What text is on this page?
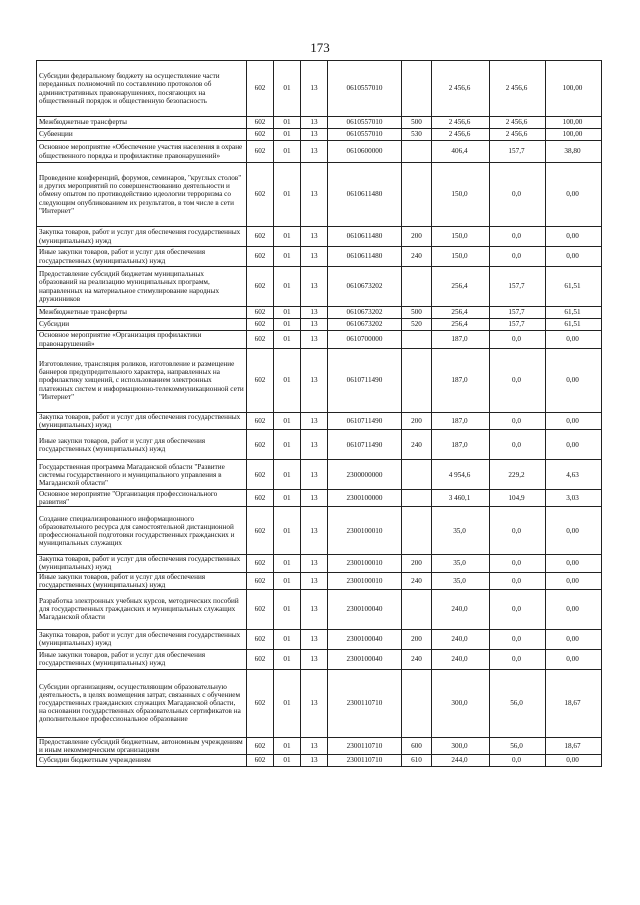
173
Субсидии федеральному бюджету на осуществление части переданных полномочий по составлению протоколов об административных правонарушениях, посягающих на общественный порядок и общественную безопасность	602	01	13	0610557010		2 456,6	2 456,6	100,00
Межбюджетные трансферты	602	01	13	0610557010	500	2 456,6	2 456,6	100,00
Субвенции	602	01	13	0610557010	530	2 456,6	2 456,6	100,00
Основное мероприятие «Обеспечение участия населения в охране общественного порядка и профилактике правонарушений»	602	01	13	0610600000		406,4	157,7	38,80
Проведение конференций, форумов, семинаров, "круглых столов" и других мероприятий по совершенствованию деятельности и обмену опытом по противодействию идеологии терроризма со следующим опубликованием их результатов, в том числе в сети "Интернет"	602	01	13	0610611480		150,0	0,0	0,00
Закупка товаров, работ и услуг для обеспечения государственных (муниципальных) нужд	602	01	13	0610611480	200	150,0	0,0	0,00
Иные закупки товаров, работ и услуг для обеспечения государственных (муниципальных) нужд	602	01	13	0610611480	240	150,0	0,0	0,00
Предоставление субсидий бюджетам муниципальных образований на реализацию муниципальных программ, направленных на материальное стимулирование народных дружинников	602	01	13	0610673202		256,4	157,7	61,51
Межбюджетные трансферты	602	01	13	0610673202	500	256,4	157,7	61,51
Субсидии	602	01	13	0610673202	520	256,4	157,7	61,51
Основное мероприятие «Организация профилактики правонарушений»	602	01	13	0610700000		187,0	0,0	0,00
Изготовление, трансляция роликов, изготовление и размещение баннеров предупредительного характера, направленных на профилактику хищений, с использованием электронных платежных систем и информационно-телекоммуникационной сети "Интернет"	602	01	13	0610711490		187,0	0,0	0,00
Закупка товаров, работ и услуг для обеспечения государственных (муниципальных) нужд	602	01	13	0610711490	200	187,0	0,0	0,00
Иные закупки товаров, работ и услуг для обеспечения государственных (муниципальных) нужд	602	01	13	0610711490	240	187,0	0,0	0,00
Государственная программа Магаданской области "Развитие системы государственного и муниципального управления в Магаданской области"	602	01	13	2300000000		4 954,6	229,2	4,63
Основное мероприятие "Организация профессионального развития"	602	01	13	2300100000		3 460,1	104,9	3,03
Создание специализированного информационного образовательного ресурса для самостоятельной дистанционной профессиональной подготовки государственных гражданских и муниципальных служащих	602	01	13	2300100010		35,0	0,0	0,00
Закупка товаров, работ и услуг для обеспечения государственных (муниципальных) нужд	602	01	13	2300100010	200	35,0	0,0	0,00
Иные закупки товаров, работ и услуг для обеспечения государственных (муниципальных) нужд	602	01	13	2300100010	240	35,0	0,0	0,00
Разработка электронных учебных курсов, методических пособий для государственных гражданских и муниципальных служащих Магаданской области	602	01	13	2300100040		240,0	0,0	0,00
Закупка товаров, работ и услуг для обеспечения государственных (муниципальных) нужд	602	01	13	2300100040	200	240,0	0,0	0,00
Иные закупки товаров, работ и услуг для обеспечения государственных (муниципальных) нужд	602	01	13	2300100040	240	240,0	0,0	0,00
Субсидии организациям, осуществляющим образовательную деятельность, в целях возмещения затрат, связанных с обучением государственных гражданских служащих Магаданской области, на основании государственных образовательных сертификатов на дополнительное профессиональное образование	602	01	13	2300110710		300,0	56,0	18,67
Предоставление субсидий бюджетным, автономным учреждениям и иным некоммерческим организациям	602	01	13	2300110710	600	300,0	56,0	18,67
Субсидии бюджетным учреждениям	602	01	13	2300110710	610	244,0	0,0	0,00
